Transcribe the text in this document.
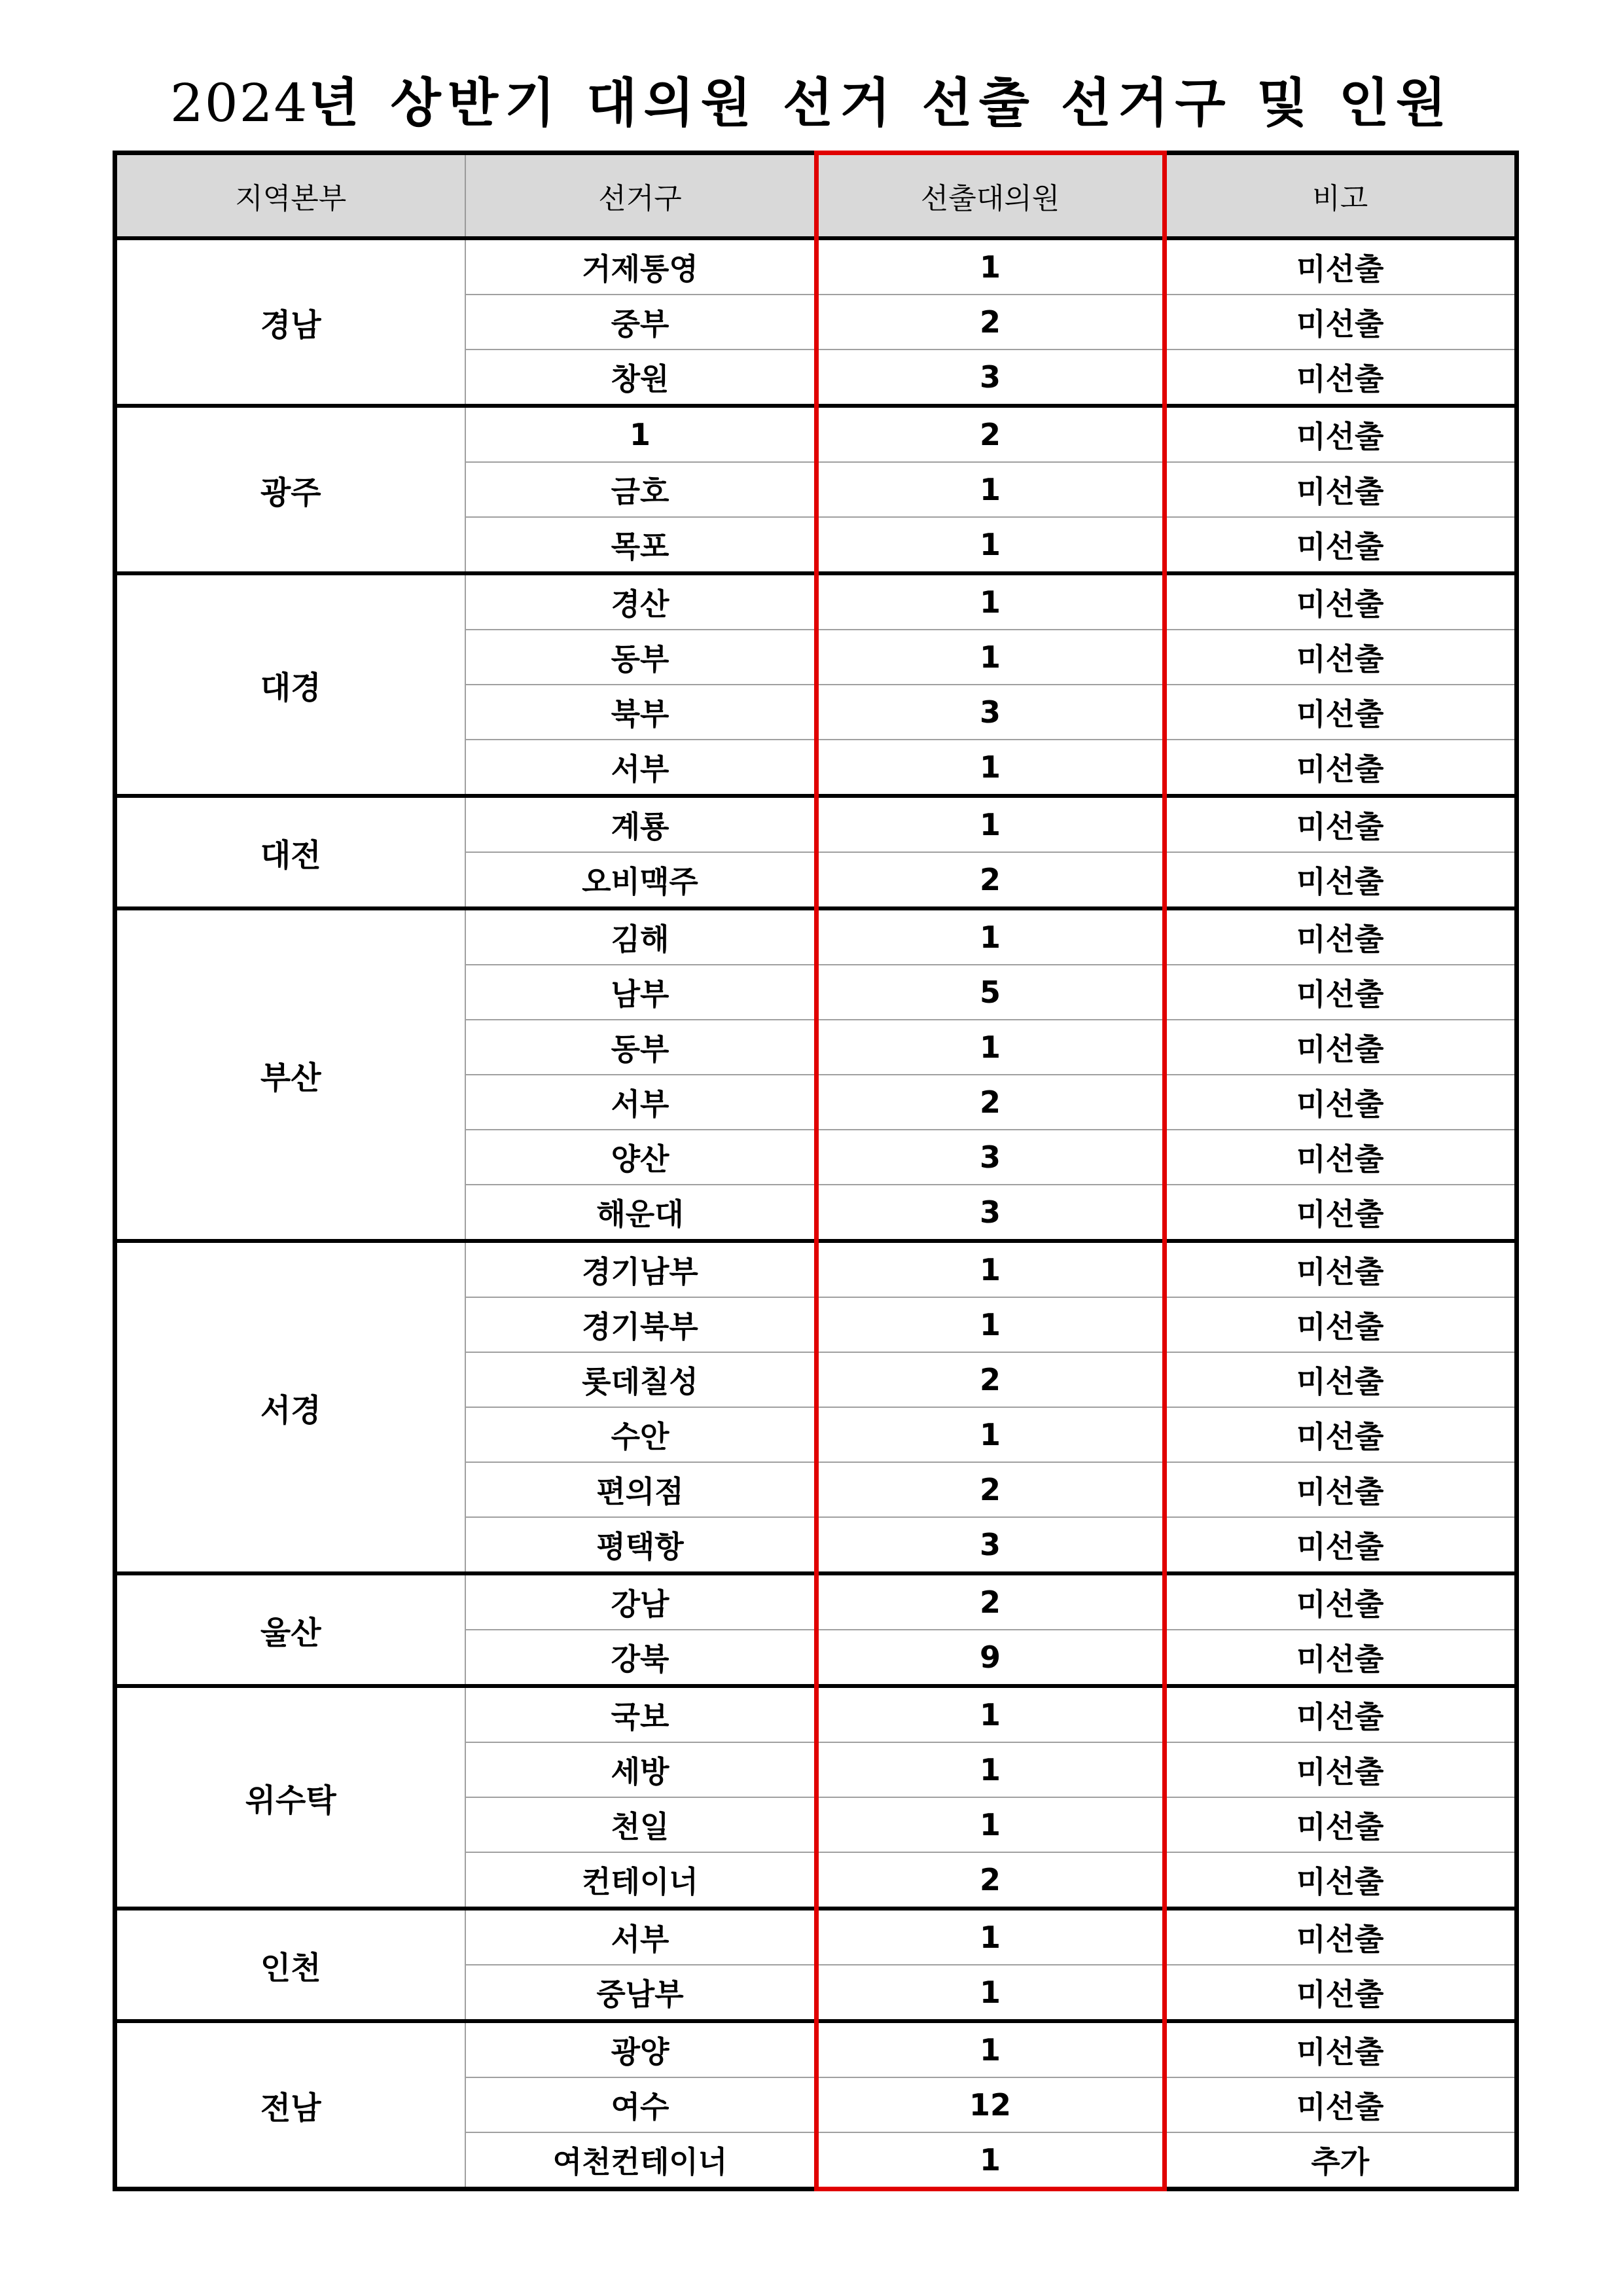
2024년 상반기 대의원 선거 선출 선거구 및 인원
지역본부	선거구	선출대의원	비고
경남	거제통영	1	미선출
	중부	2	미선출
	창원	3	미선출
광주	1	2	미선출
	금호	1	미선출
	목포	1	미선출
대경	경산	1	미선출
	동부	1	미선출
	북부	3	미선출
	서부	1	미선출
대전	계룡	1	미선출
	오비맥주	2	미선출
부산	김해	1	미선출
	남부	5	미선출
	동부	1	미선출
	서부	2	미선출
	양산	3	미선출
	해운대	3	미선출
서경	경기남부	1	미선출
	경기북부	1	미선출
	롯데칠성	2	미선출
	수안	1	미선출
	편의점	2	미선출
	평택항	3	미선출
울산	강남	2	미선출
	강북	9	미선출
위수탁	국보	1	미선출
	세방	1	미선출
	천일	1	미선출
	컨테이너	2	미선출
인천	서부	1	미선출
	중남부	1	미선출
전남	광양	1	미선출
	여수	12	미선출
	여천컨테이너	1	추가
